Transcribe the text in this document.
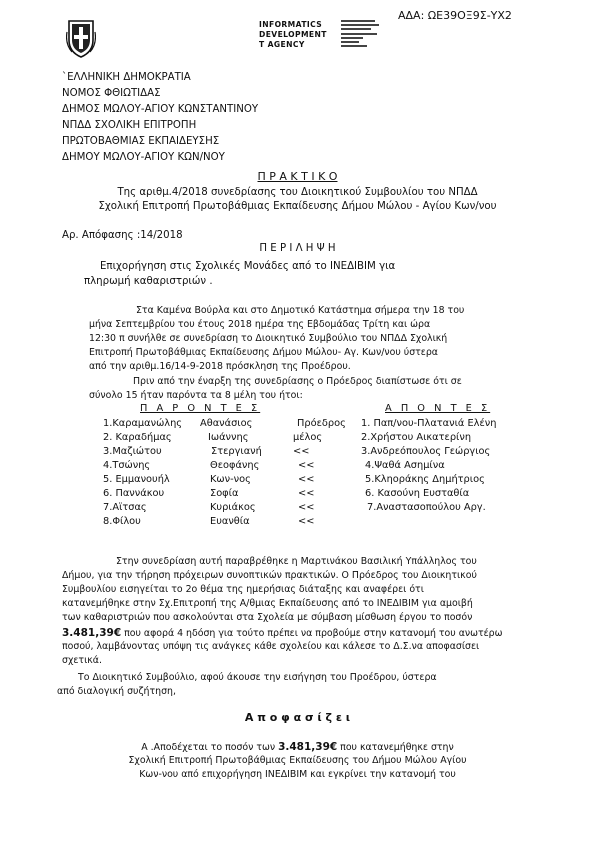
ΑΔΑ: ΩΕ39ΟΞ9Σ-ΥΧ2
INFORMATICS
DEVELOPMENT
T AGENCY
`ΕΛΛΗΝΙΚΗ ΔΗΜΟΚΡΑΤΙΑ
ΝΟΜΟΣ ΦΘΙΩΤΙΔΑΣ
ΔΗΜΟΣ ΜΩΛΟΥ-ΑΓΙΟΥ ΚΩΝΣΤΑΝΤΙΝΟΥ
ΝΠΔΔ ΣΧΟΛΙΚΗ ΕΠΙΤΡΟΠΗ
ΠΡΩΤΟΒΑΘΜΙΑΣ ΕΚΠΑΙΔΕΥΣΗΣ
ΔΗΜΟΥ ΜΩΛΟΥ-ΑΓΙΟΥ ΚΩΝ/ΝΟΥ
Π Ρ Α Κ Τ Ι Κ Ο
Της αριθμ.4/2018 συνεδρίασης του Διοικητικού Συμβουλίου του ΝΠΔΔ
Σχολική Επιτροπή Πρωτοβάθμιας Εκπαίδευσης Δήμου Μώλου - Αγίου Κων/νου
Αρ. Απόφασης :14/2018
Π Ε Ρ Ι Λ Η Ψ Η
Επιχορήγηση στις Σχολικές Μονάδες από το ΙΝΕΔΙΒΙΜ για
πληρωμή καθαριστριών .
Στα Καμένα Βούρλα και στο Δημοτικό Κατάστημα σήμερα την 18 του
μήνα Σεπτεμβρίου του έτους 2018 ημέρα της Εβδομάδας Τρίτη και ώρα
12:30 π συνήλθε σε συνεδρίαση το Διοικητικό Συμβούλιο του ΝΠΔΔ Σχολική
Επιτροπή Πρωτοβάθμιας Εκπαίδευσης Δήμου Μώλου- Αγ. Κων/νου ύστερα
από την αριθμ.16/14-9-2018 πρόσκληση της Προέδρου.
Πριν από την έναρξη της συνεδρίασης ο Πρόεδρος διαπίστωσε ότι σε
σύνολο 15 ήταν παρόντα τα 8 μέλη του ήτοι:
Π Α Ρ Ο Ν Τ Ε Σ	Α Π Ο Ν Τ Ε Σ
1.Καραμανώλης Αθανάσιος	Πρόεδρος 1. Παπ/νου-Πλατανιά Ελένη
2. Καραδήμας	Ιωάννης	μέλος	2.Χρήστου Αικατερίνη
3.Μαζιώτου	Στεργιανή	<<	3.Ανδρεόπουλος Γεώργιος
4.Τσώνης	Θεοφάνης	<<	4.Ψαθά Ασημίνα
5. Εμμανουήλ	Κων-νος	<<	5.Κληοράκης Δημήτριος
6. Παννάκου	Σοφία	<<	6. Κασούνη Ευσταθία
7.Αϊτσας	Κυριάκος	<<	7.Αναστασοπούλου Αργ.
8.Φίλου	Ευανθία	<<
Στην συνεδρίαση αυτή παραβρέθηκε η Μαρτινάκου Βασιλική Υπάλληλος του
Δήμου, για την τήρηση πρόχειρων συνοπτικών πρακτικών. Ο Πρόεδρος του Διοικητικού
Συμβουλίου εισηγείται το 2ο θέμα της ημερήσιας διάταξης και αναφέρει ότι
κατανεμήθηκε στην Σχ.Επιτροπή της Α/θμιας Εκπαίδευσης από το ΙΝΕΔΙΒΙΜ για αμοιβή
των καθαριστριών που ασκολούνται στα Σχολεία με σύμβαση μίσθωση έργου το ποσόν
3.481,39€ που αφορά 4 ηδόση για τούτο πρέπει να προβούμε στην κατανομή του ανωτέρω
ποσού, λαμβάνοντας υπόψη τις ανάγκες κάθε σχολείου και κάλεσε το Δ.Σ.να αποφασίσει
σχετικά.
Το Διοικητικό Συμβούλιο, αφού άκουσε την εισήγηση του Προέδρου, ύστερα
από διαλογική συζήτηση,
Α π ο φ α σ ί ζ ε ι
Α .Αποδέχεται το ποσόν των 3.481,39€ που κατανεμήθηκε στην
Σχολική Επιτροπή Πρωτοβάθμιας Εκπαίδευσης του Δήμου Μώλου Αγίου
Κων-νου από επιχορήγηση ΙΝΕΔΙΒΙΜ και εγκρίνει την κατανομή του
